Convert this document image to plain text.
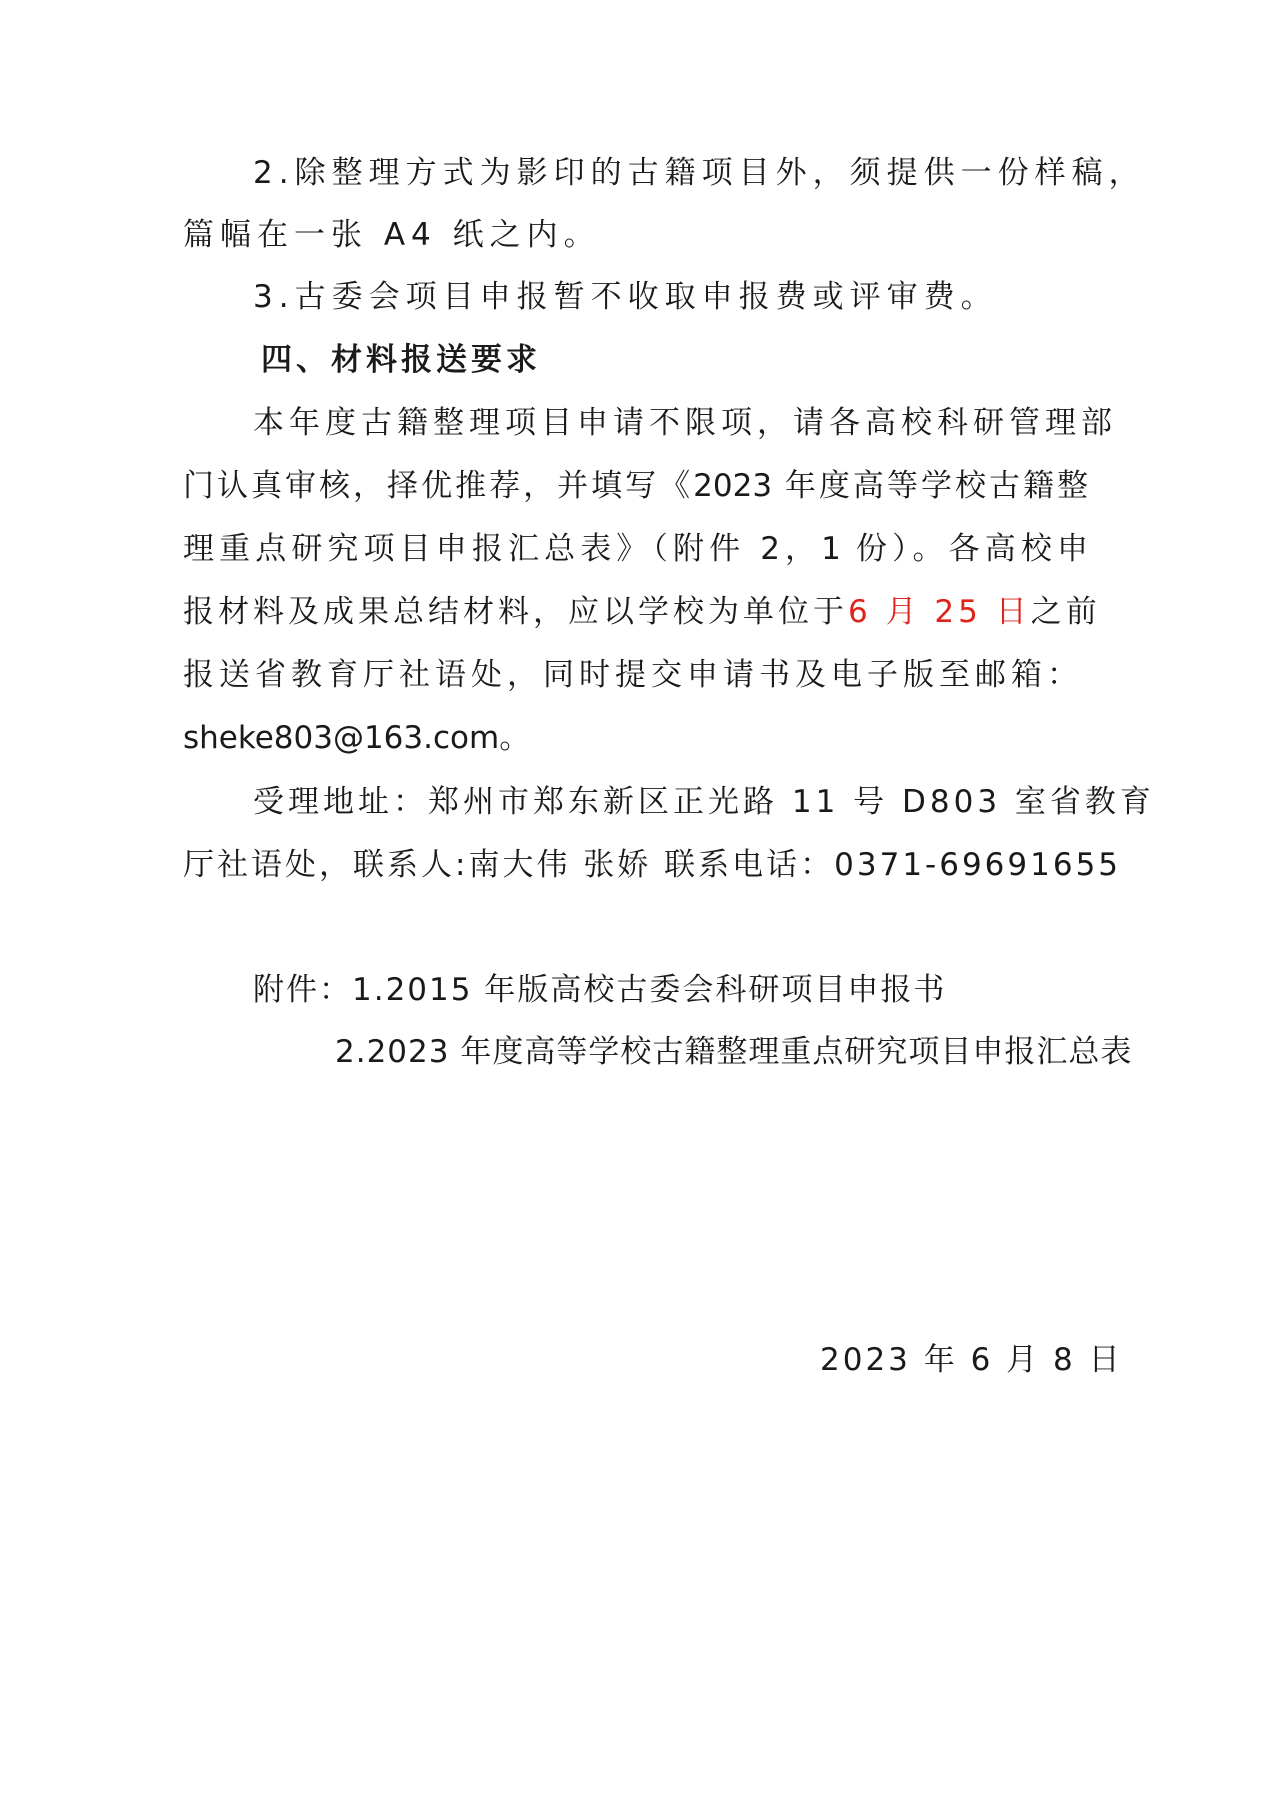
2.除整理方式为影印的古籍项目外，须提供一份样稿，
篇幅在一张 A4 纸之内。
3.古委会项目申报暂不收取申报费或评审费。
四、材料报送要求
本年度古籍整理项目申请不限项，请各高校科研管理部
门认真审核，择优推荐，并填写《2023 年度高等学校古籍整
理重点研究项目申报汇总表》（附件 2，1 份）。各高校申
报材料及成果总结材料，应以学校为单位于6 月 25 日之前
报送省教育厅社语处，同时提交申请书及电子版至邮箱：
sheke803@163.com。
受理地址：郑州市郑东新区正光路 11 号 D803 室省教育
厅社语处，联系人:南大伟 张娇 联系电话：0371-69691655
附件：1.2015 年版高校古委会科研项目申报书
2.2023 年度高等学校古籍整理重点研究项目申报汇总表
2023 年 6 月 8 日
